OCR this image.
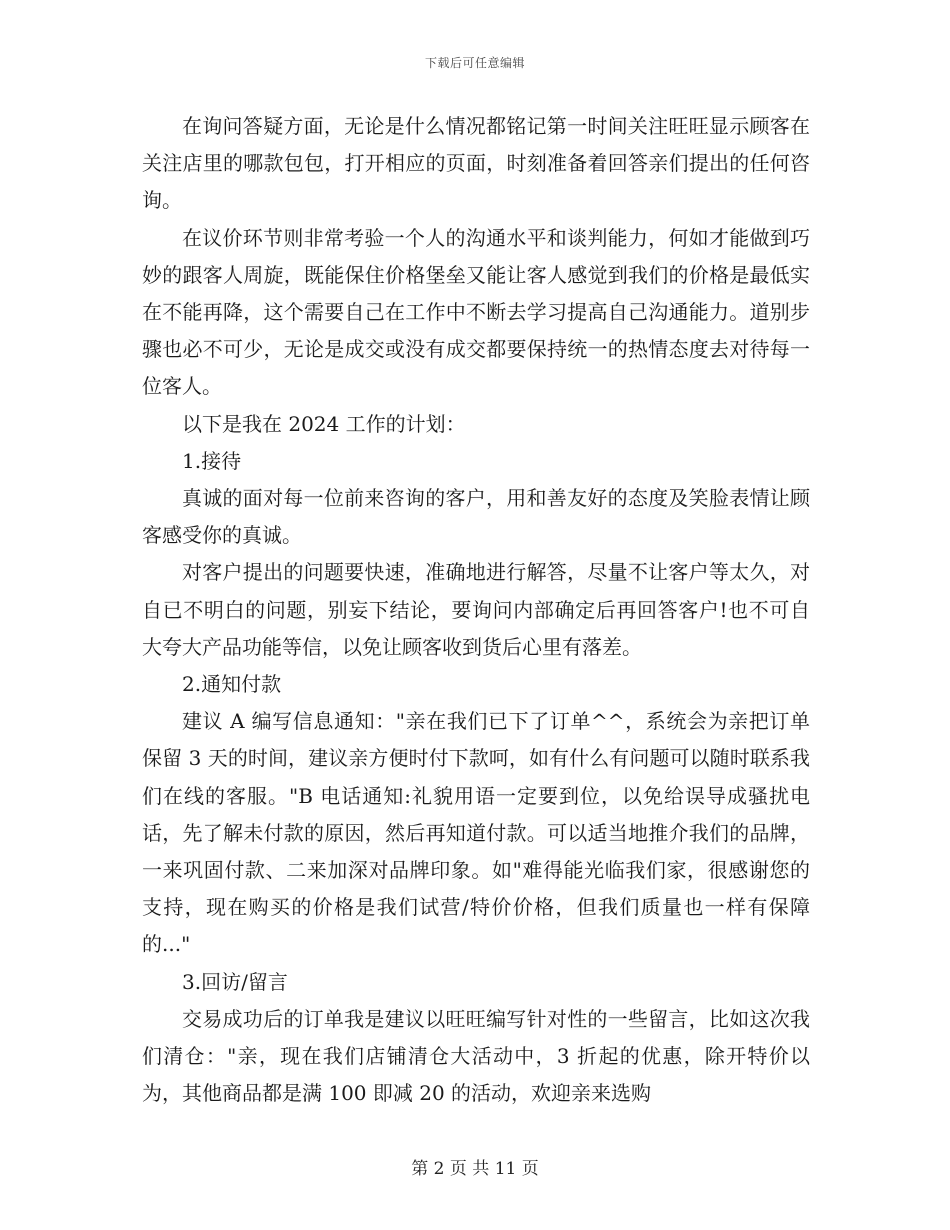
下载后可任意编辑

在询问答疑方面，无论是什么情况都铭记第一时间关注旺旺显示顾客在关注店里的哪款包包，打开相应的页面，时刻准备着回答亲们提出的任何咨询。

在议价环节则非常考验一个人的沟通水平和谈判能力，何如才能做到巧妙的跟客人周旋，既能保住价格堡垒又能让客人感觉到我们的价格是最低实在不能再降，这个需要自己在工作中不断去学习提高自己沟通能力。道别步骤也必不可少，无论是成交或没有成交都要保持统一的热情态度去对待每一位客人。

以下是我在 2024 工作的计划：

1.接待

真诚的面对每一位前来咨询的客户，用和善友好的态度及笑脸表情让顾客感受你的真诚。

对客户提出的问题要快速，准确地进行解答，尽量不让客户等太久，对自已不明白的问题，别妄下结论，要询问内部确定后再回答客户!也不可自大夸大产品功能等信，以免让顾客收到货后心里有落差。

2.通知付款

建议 A 编写信息通知："亲在我们已下了订单^^，系统会为亲把订单保留 3 天的时间，建议亲方便时付下款呵，如有什么有问题可以随时联系我们在线的客服。"B 电话通知:礼貌用语一定要到位，以免给误导成骚扰电话，先了解未付款的原因，然后再知道付款。可以适当地推介我们的品牌，一来巩固付款、二来加深对品牌印象。如"难得能光临我们家，很感谢您的支持，现在购买的价格是我们试营/特价价格，但我们质量也一样有保障的..."

3.回访/留言

交易成功后的订单我是建议以旺旺编写针对性的一些留言，比如这次我们清仓："亲，现在我们店铺清仓大活动中，3 折起的优惠，除开特价以为，其他商品都是满 100 即减 20 的活动，欢迎亲来选购

第 2 页 共 11 页
